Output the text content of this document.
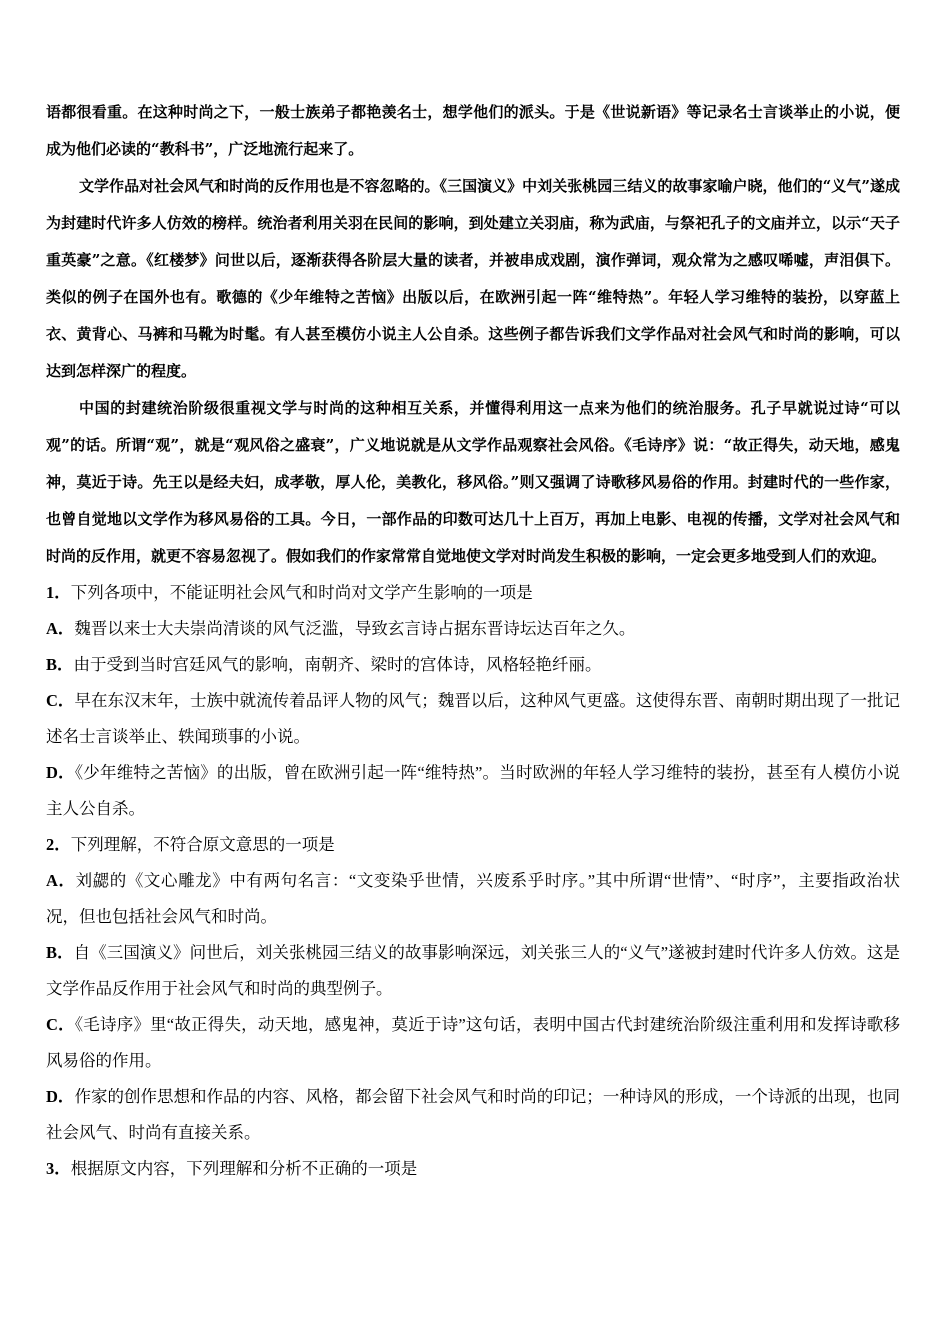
语都很看重。在这种时尚之下，一般士族弟子都艳羡名士，想学他们的派头。于是《世说新语》等记录名士言谈举止的小说，便成为他们必读的“教科书”，广泛地流行起来了。

文学作品对社会风气和时尚的反作用也是不容忽略的。《三国演义》中刘关张桃园三结义的故事家喻户晓，他们的“义气”遂成为封建时代许多人仿效的榜样。统治者利用关羽在民间的影响，到处建立关羽庙，称为武庙，与祭祀孔子的文庙并立，以示“天子重英豪”之意。《红楼梦》问世以后，逐渐获得各阶层大量的读者，并被串成戏剧，演作弹词，观众常为之感叹唏嘘，声泪俱下。类似的例子在国外也有。歌德的《少年维特之苦恼》出版以后，在欧洲引起一阵“维特热”。年轻人学习维特的装扮，以穿蓝上衣、黄背心、马裤和马靴为时髦。有人甚至模仿小说主人公自杀。这些例子都告诉我们文学作品对社会风气和时尚的影响，可以达到怎样深广的程度。

中国的封建统治阶级很重视文学与时尚的这种相互关系，并懂得利用这一点来为他们的统治服务。孔子早就说过诗“可以观”的话。所谓“观”，就是“观风俗之盛衰”，广义地说就是从文学作品观察社会风俗。《毛诗序》说：“故正得失，动天地，感鬼神，莫近于诗。先王以是经夫妇，成孝敬，厚人伦，美教化，移风俗。”则又强调了诗歌移风易俗的作用。封建时代的一些作家，也曾自觉地以文学作为移风易俗的工具。今日，一部作品的印数可达几十上百万，再加上电影、电视的传播，文学对社会风气和时尚的反作用，就更不容易忽视了。假如我们的作家常常自觉地使文学对时尚发生积极的影响，一定会更多地受到人们的欢迎。

1．下列各项中，不能证明社会风气和时尚对文学产生影响的一项是

A．魏晋以来士大夫崇尚清谈的风气泛滥，导致玄言诗占据东晋诗坛达百年之久。

B．由于受到当时宫廷风气的影响，南朝齐、梁时的宫体诗，风格轻艳纤丽。

C．早在东汉末年，士族中就流传着品评人物的风气；魏晋以后，这种风气更盛。这使得东晋、南朝时期出现了一批记述名士言谈举止、轶闻琐事的小说。

D．《少年维特之苦恼》的出版，曾在欧洲引起一阵“维特热”。当时欧洲的年轻人学习维特的装扮，甚至有人模仿小说主人公自杀。

2．下列理解，不符合原文意思的一项是

A．刘勰的《文心雕龙》中有两句名言：“文变染乎世情，兴废系乎时序。”其中所谓“世情”、“时序”，主要指政治状况，但也包括社会风气和时尚。

B．自《三国演义》问世后，刘关张桃园三结义的故事影响深远，刘关张三人的“义气”遂被封建时代许多人仿效。这是文学作品反作用于社会风气和时尚的典型例子。

C．《毛诗序》里“故正得失，动天地，感鬼神，莫近于诗”这句话，表明中国古代封建统治阶级注重利用和发挥诗歌移风易俗的作用。

D．作家的创作思想和作品的内容、风格，都会留下社会风气和时尚的印记；一种诗风的形成，一个诗派的出现，也同社会风气、时尚有直接关系。

3．根据原文内容，下列理解和分析不正确的一项是
